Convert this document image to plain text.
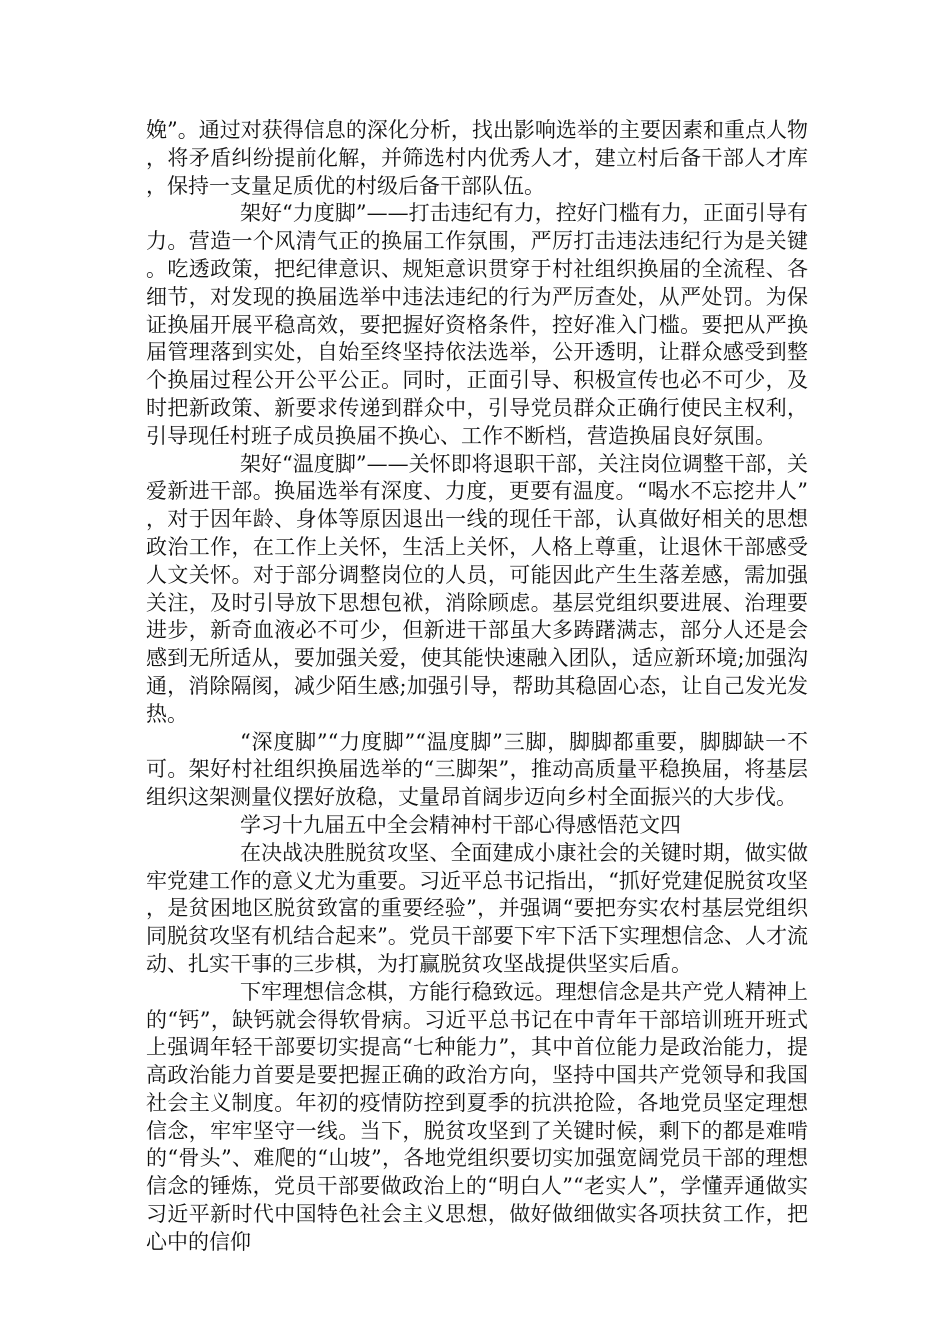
娩”。通过对获得信息的深化分析，找出影响选举的主要因素和重点人物，将矛盾纠纷提前化解，并筛选村内优秀人才，建立村后备干部人才库，保持一支量足质优的村级后备干部队伍。

架好“力度脚”——打击违纪有力，控好门槛有力，正面引导有力。营造一个风清气正的换届工作氛围，严厉打击违法违纪行为是关键。吃透政策，把纪律意识、规矩意识贯穿于村社组织换届的全流程、各细节，对发现的换届选举中违法违纪的行为严厉查处，从严处罚。为保证换届开展平稳高效，要把握好资格条件，控好准入门槛。要把从严换届管理落到实处，自始至终坚持依法选举，公开透明，让群众感受到整个换届过程公开公平公正。同时，正面引导、积极宣传也必不可少，及时把新政策、新要求传递到群众中，引导党员群众正确行使民主权利，引导现任村班子成员换届不换心、工作不断档，营造换届良好氛围。

架好“温度脚”——关怀即将退职干部，关注岗位调整干部，关爱新进干部。换届选举有深度、力度，更要有温度。“喝水不忘挖井人”，对于因年龄、身体等原因退出一线的现任干部，认真做好相关的思想政治工作，在工作上关怀，生活上关怀，人格上尊重，让退休干部感受人文关怀。对于部分调整岗位的人员，可能因此产生生落差感，需加强关注，及时引导放下思想包袱，消除顾虑。基层党组织要进展、治理要进步，新奇血液必不可少，但新进干部虽大多踌躇满志，部分人还是会感到无所适从，要加强关爱，使其能快速融入团队，适应新环境;加强沟通，消除隔阂，减少陌生感;加强引导，帮助其稳固心态，让自己发光发热。

“深度脚”“力度脚”“温度脚”三脚，脚脚都重要，脚脚缺一不可。架好村社组织换届选举的“三脚架”，推动高质量平稳换届，将基层组织这架测量仪摆好放稳，丈量昂首阔步迈向乡村全面振兴的大步伐。

学习十九届五中全会精神村干部心得感悟范文四

在决战决胜脱贫攻坚、全面建成小康社会的关键时期，做实做牢党建工作的意义尤为重要。习近平总书记指出，“抓好党建促脱贫攻坚，是贫困地区脱贫致富的重要经验”，并强调“要把夯实农村基层党组织同脱贫攻坚有机结合起来”。党员干部要下牢下活下实理想信念、人才流动、扎实干事的三步棋，为打赢脱贫攻坚战提供坚实后盾。

下牢理想信念棋，方能行稳致远。理想信念是共产党人精神上的“钙”，缺钙就会得软骨病。习近平总书记在中青年干部培训班开班式上强调年轻干部要切实提高“七种能力”，其中首位能力是政治能力，提高政治能力首要是要把握正确的政治方向，坚持中国共产党领导和我国社会主义制度。年初的疫情防控到夏季的抗洪抢险，各地党员坚定理想信念，牢牢坚守一线。当下，脱贫攻坚到了关键时候，剩下的都是难啃的“骨头”、难爬的“山坡”，各地党组织要切实加强宽阔党员干部的理想信念的锤炼，党员干部要做政治上的“明白人”“老实人”，学懂弄通做实习近平新时代中国特色社会主义思想，做好做细做实各项扶贫工作，把心中的信仰
